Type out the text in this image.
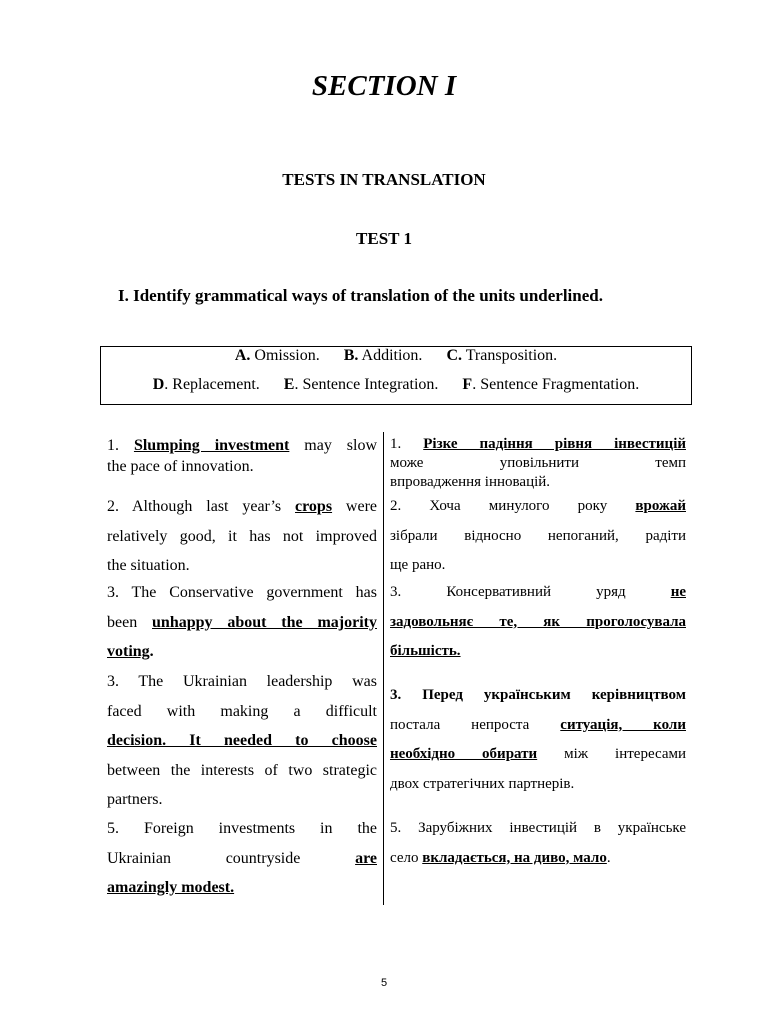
SECTION I
TESTS IN TRANSLATION
TEST 1
I. Identify grammatical ways of translation of the units underlined.
A. Omission. B. Addition. C. Transposition.
D. Replacement. E. Sentence Integration. F. Sentence Fragmentation.
1. Slumping investment may slow
the pace of innovation.
2. Although last year’s crops were
relatively good, it has not improved
the situation.
3. The Conservative government has
been unhappy about the majority
voting.
3. The Ukrainian leadership was
faced with making a difficult
decision. It needed to choose
between the interests of two strategic
partners.
5. Foreign investments in the
Ukrainian countryside are
amazingly modest.
1. Різке падіння рівня інвестицій
може уповільнити темп
впровадження інновацій.
2. Хоча минулого року врожай
зібрали відносно непоганий, радіти
ще рано.
3. Консервативний уряд не
задовольняє те, як проголосувала
більшість.
3. Перед українським керівництвом
постала непроста ситуація, коли
необхідно обирати між інтересами
двох стратегічних партнерів.
5. Зарубіжних інвестицій в українське
село вкладається, на диво, мало.
5
